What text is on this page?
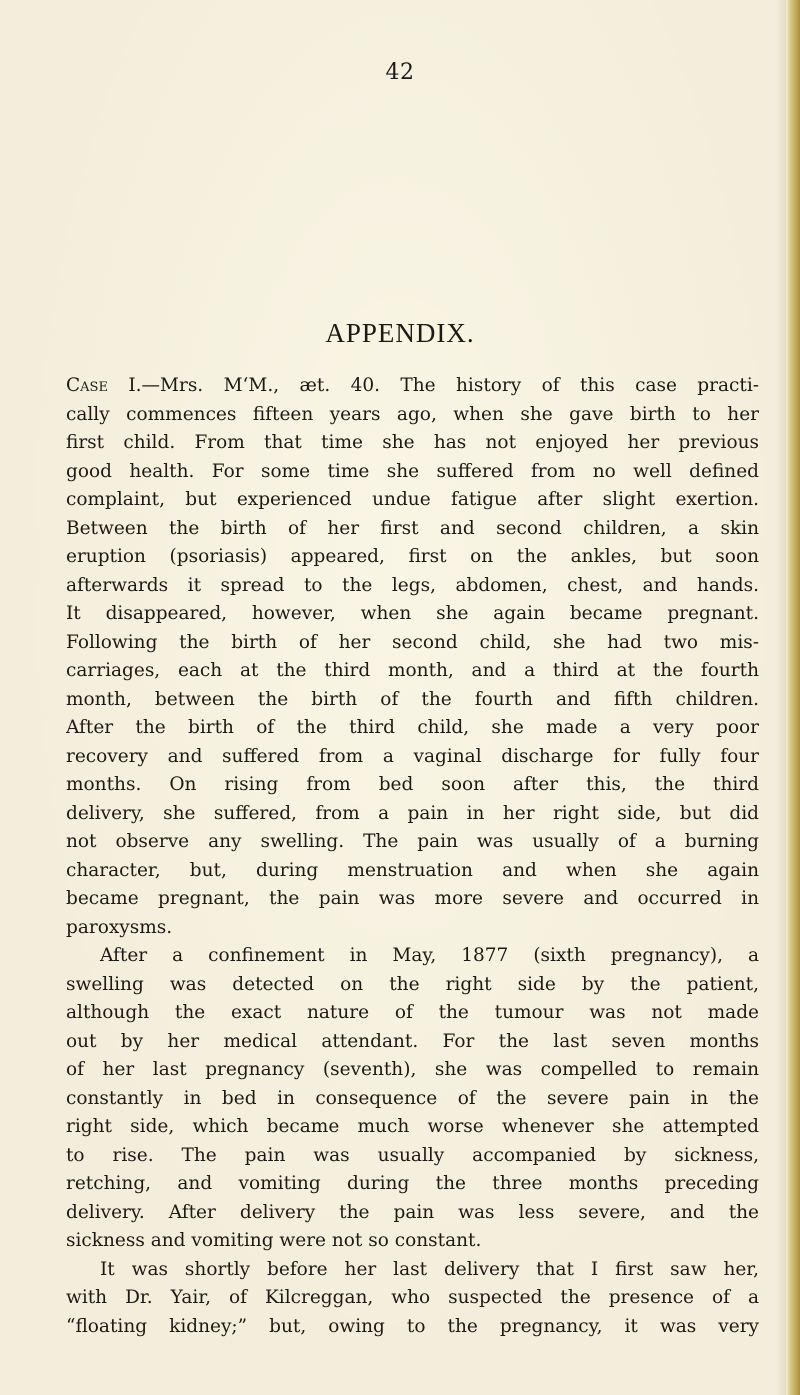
42
APPENDIX.
Case I.—Mrs. M‘M., æt. 40. The history of this case practi-
cally commences fifteen years ago, when she gave birth to her
first child. From that time she has not enjoyed her previous
good health. For some time she suffered from no well defined
complaint, but experienced undue fatigue after slight exertion.
Between the birth of her first and second children, a skin
eruption (psoriasis) appeared, first on the ankles, but soon
afterwards it spread to the legs, abdomen, chest, and hands.
It disappeared, however, when she again became pregnant.
Following the birth of her second child, she had two mis-
carriages, each at the third month, and a third at the fourth
month, between the birth of the fourth and fifth children.
After the birth of the third child, she made a very poor
recovery and suffered from a vaginal discharge for fully four
months. On rising from bed soon after this, the third
delivery, she suffered, from a pain in her right side, but did
not observe any swelling. The pain was usually of a burning
character, but, during menstruation and when she again
became pregnant, the pain was more severe and occurred in
paroxysms.
After a confinement in May, 1877 (sixth pregnancy), a
swelling was detected on the right side by the patient,
although the exact nature of the tumour was not made
out by her medical attendant. For the last seven months
of her last pregnancy (seventh), she was compelled to remain
constantly in bed in consequence of the severe pain in the
right side, which became much worse whenever she attempted
to rise. The pain was usually accompanied by sickness,
retching, and vomiting during the three months preceding
delivery. After delivery the pain was less severe, and the
sickness and vomiting were not so constant.
It was shortly before her last delivery that I first saw her,
with Dr. Yair, of Kilcreggan, who suspected the presence of a
“floating kidney;” but, owing to the pregnancy, it was very
